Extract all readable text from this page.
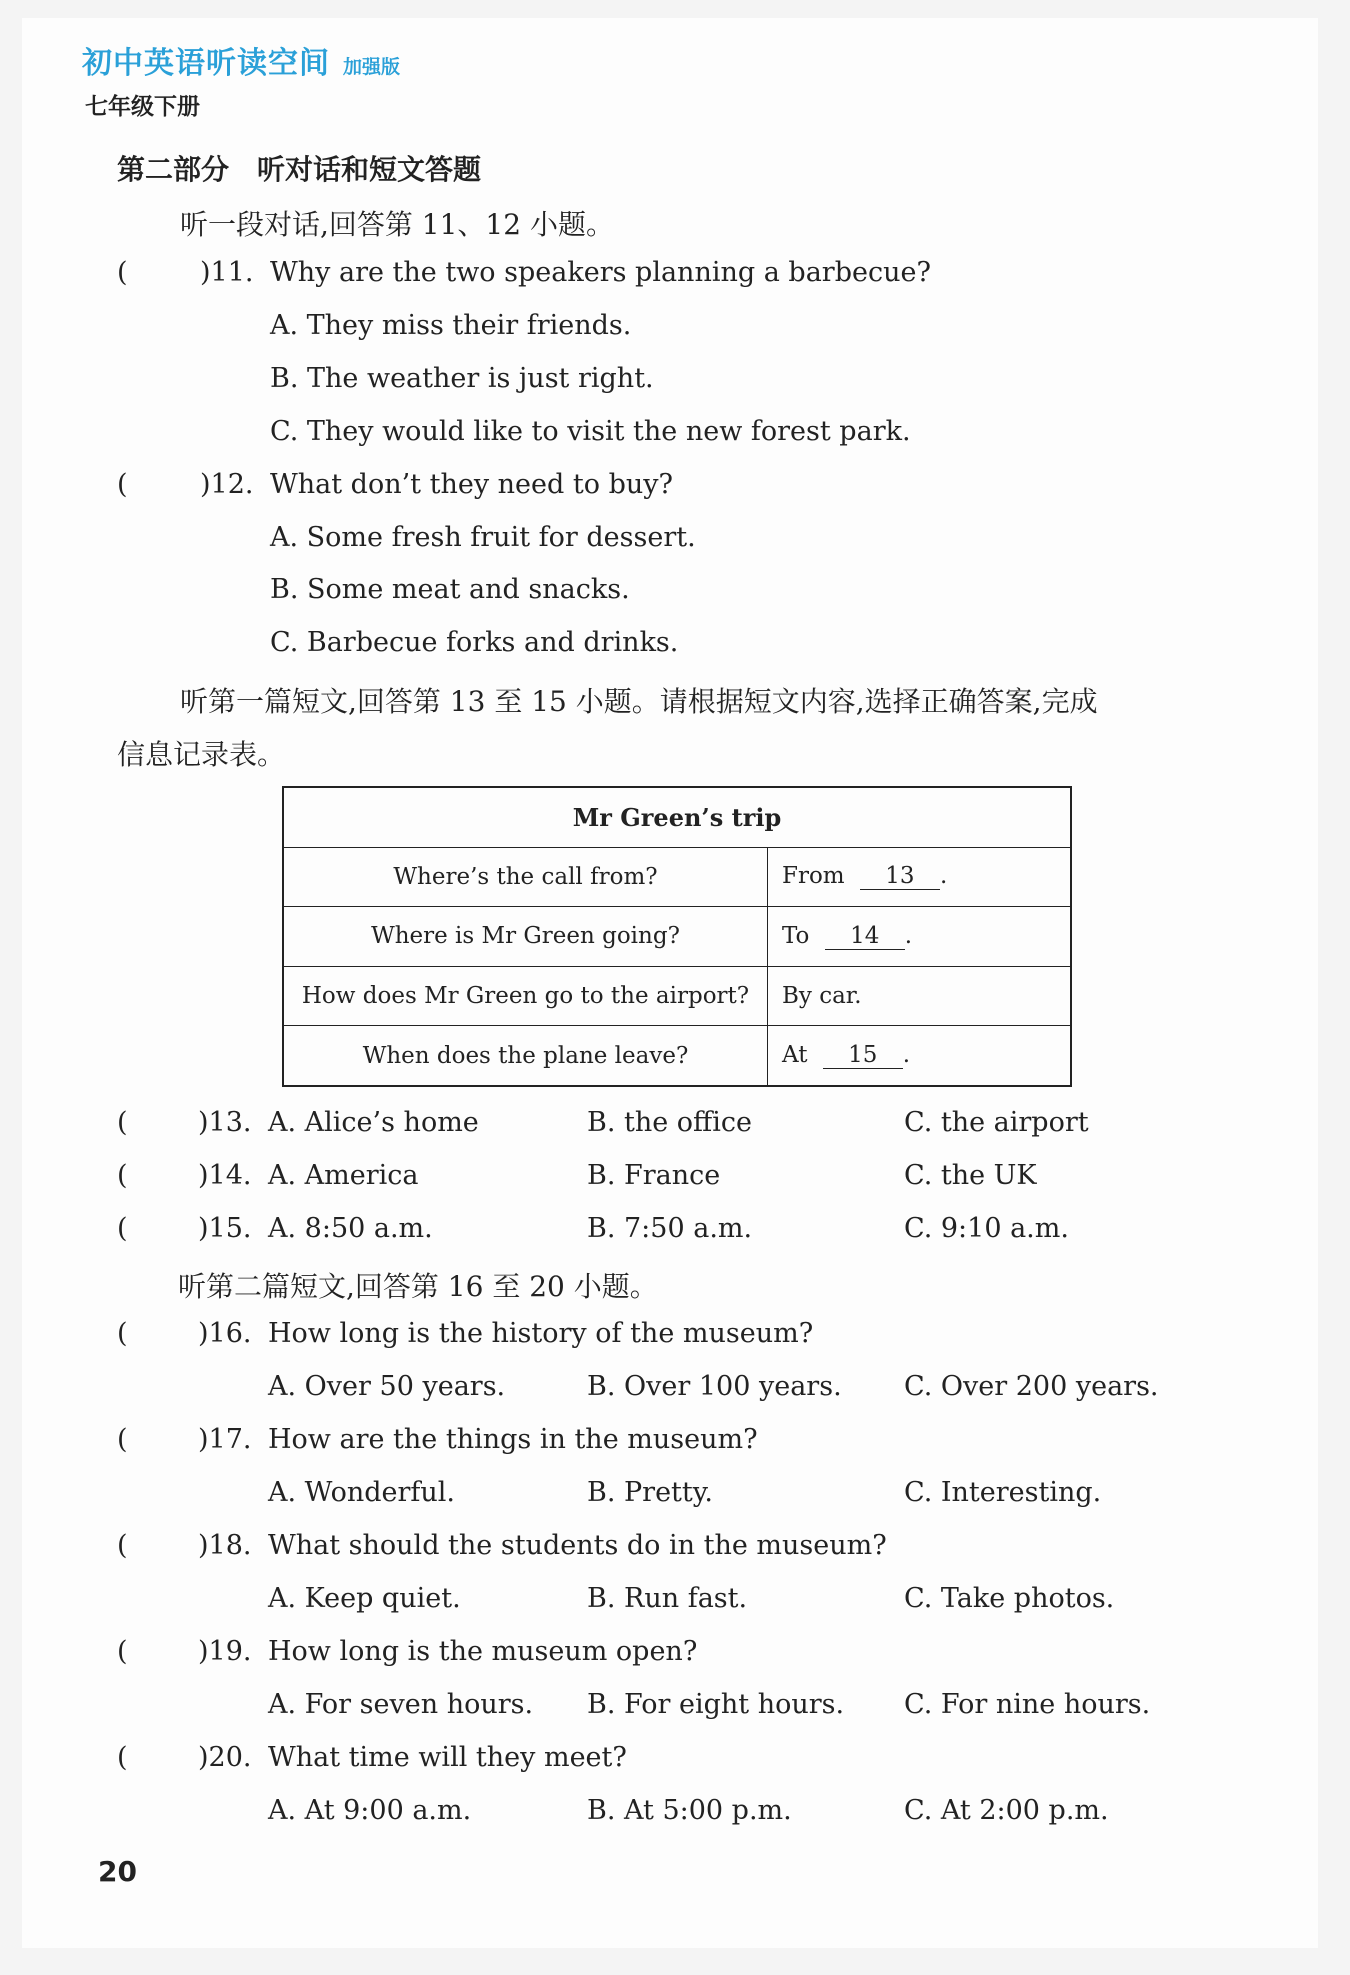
初中英语听读空间 加强版
七年级下册
第二部分　听对话和短文答题
听一段对话,回答第 11、12 小题。
(	)11. Why are the two speakers planning a barbecue?
A. They miss their friends.
B. The weather is just right.
C. They would like to visit the new forest park.
(	)12. What don’t they need to buy?
A. Some fresh fruit for dessert.
B. Some meat and snacks.
C. Barbecue forks and drinks.
听第一篇短文,回答第 13 至 15 小题。请根据短文内容,选择正确答案,完成
信息记录表。
Mr Green’s trip	
Where’s the call from?	From 13 .
Where is Mr Green going?	To 14 .
How does Mr Green go to the airport?	By car.
When does the plane leave?	At 15 .
(	)13. A. Alice’s home	B. the office	C. the airport
(	)14. A. America	B. France	C. the UK
(	)15. A. 8:50 a.m.	B. 7:50 a.m.	C. 9:10 a.m.
听第二篇短文,回答第 16 至 20 小题。
(	)16. How long is the history of the museum?
A. Over 50 years.	B. Over 100 years. C. Over 200 years.
(	)17. How are the things in the museum?
A. Wonderful.	B. Pretty.	C. Interesting.
(	)18. What should the students do in the museum?
A. Keep quiet.	B. Run fast.	C. Take photos.
(	)19. How long is the museum open?
A. For seven hours. B. For eight hours. C. For nine hours.
(	)20. What time will they meet?
A. At 9:00 a.m.	B. At 5:00 p.m.	C. At 2:00 p.m.
20
